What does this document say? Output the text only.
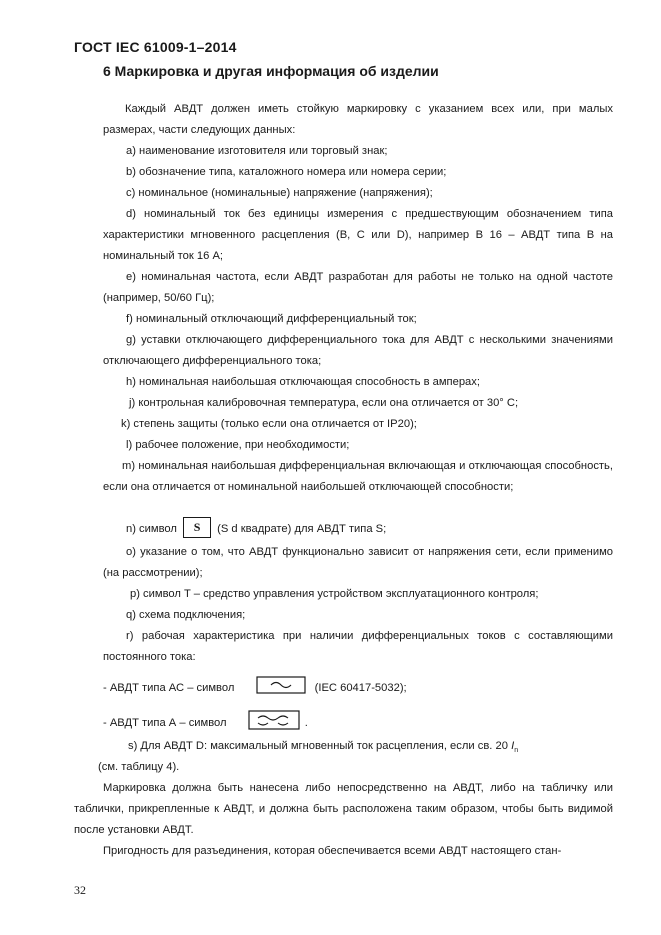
ГОСТ IEC 61009-1–2014
6 Маркировка и другая информация об изделии
Каждый АВДТ должен иметь стойкую маркировку с указанием всех или, при малых размерах, части следующих данных:
a) наименование изготовителя или торговый знак;
b) обозначение типа, каталожного номера или номера серии;
c) номинальное (номинальные) напряжение (напряжения);
d) номинальный ток без единицы измерения с предшествующим обозначением типа характеристики мгновенного расцепления (B, C или D), например B 16 – АВДТ типа B на номинальный ток 16 А;
e) номинальная частота, если АВДТ разработан для работы не только на одной частоте (например, 50/60 Гц);
f) номинальный отключающий дифференциальный ток;
g) уставки отключающего дифференциального тока для АВДТ с несколькими значениями отключающего дифференциального тока;
h) номинальная наибольшая отключающая способность в амперах;
j) контрольная калибровочная температура, если она отличается от 30° С;
k) степень защиты (только если она отличается от IP20);
l) рабочее положение, при необходимости;
m) номинальная наибольшая дифференциальная включающая и отключающая способность, если она отличается от номинальной наибольшей отключающей способности;
n) символ S (S d квадрате) для АВДТ типа S;
o) указание о том, что АВДТ функционально зависит от напряжения сети, если применимо (на рассмотрении);
p) символ T – средство управления устройством эксплуатационного контроля;
q) схема подключения;
r) рабочая характеристика при наличии дифференциальных токов с составляющими постоянного тока:
- АВДТ типа АС – символ	(IEC 60417-5032);
- АВДТ типа А – символ	.
s) Для АВДТ D: максимальный мгновенный ток расцепления, если св. 20 $I_n$
(см. таблицу 4).
Маркировка должна быть нанесена либо непосредственно на АВДТ, либо на табличку или таблички, прикрепленные к АВДТ, и должна быть расположена таким образом, чтобы быть видимой после установки АВДТ.
Пригодность для разъединения, которая обеспечивается всеми АВДТ настоящего стан-
32
